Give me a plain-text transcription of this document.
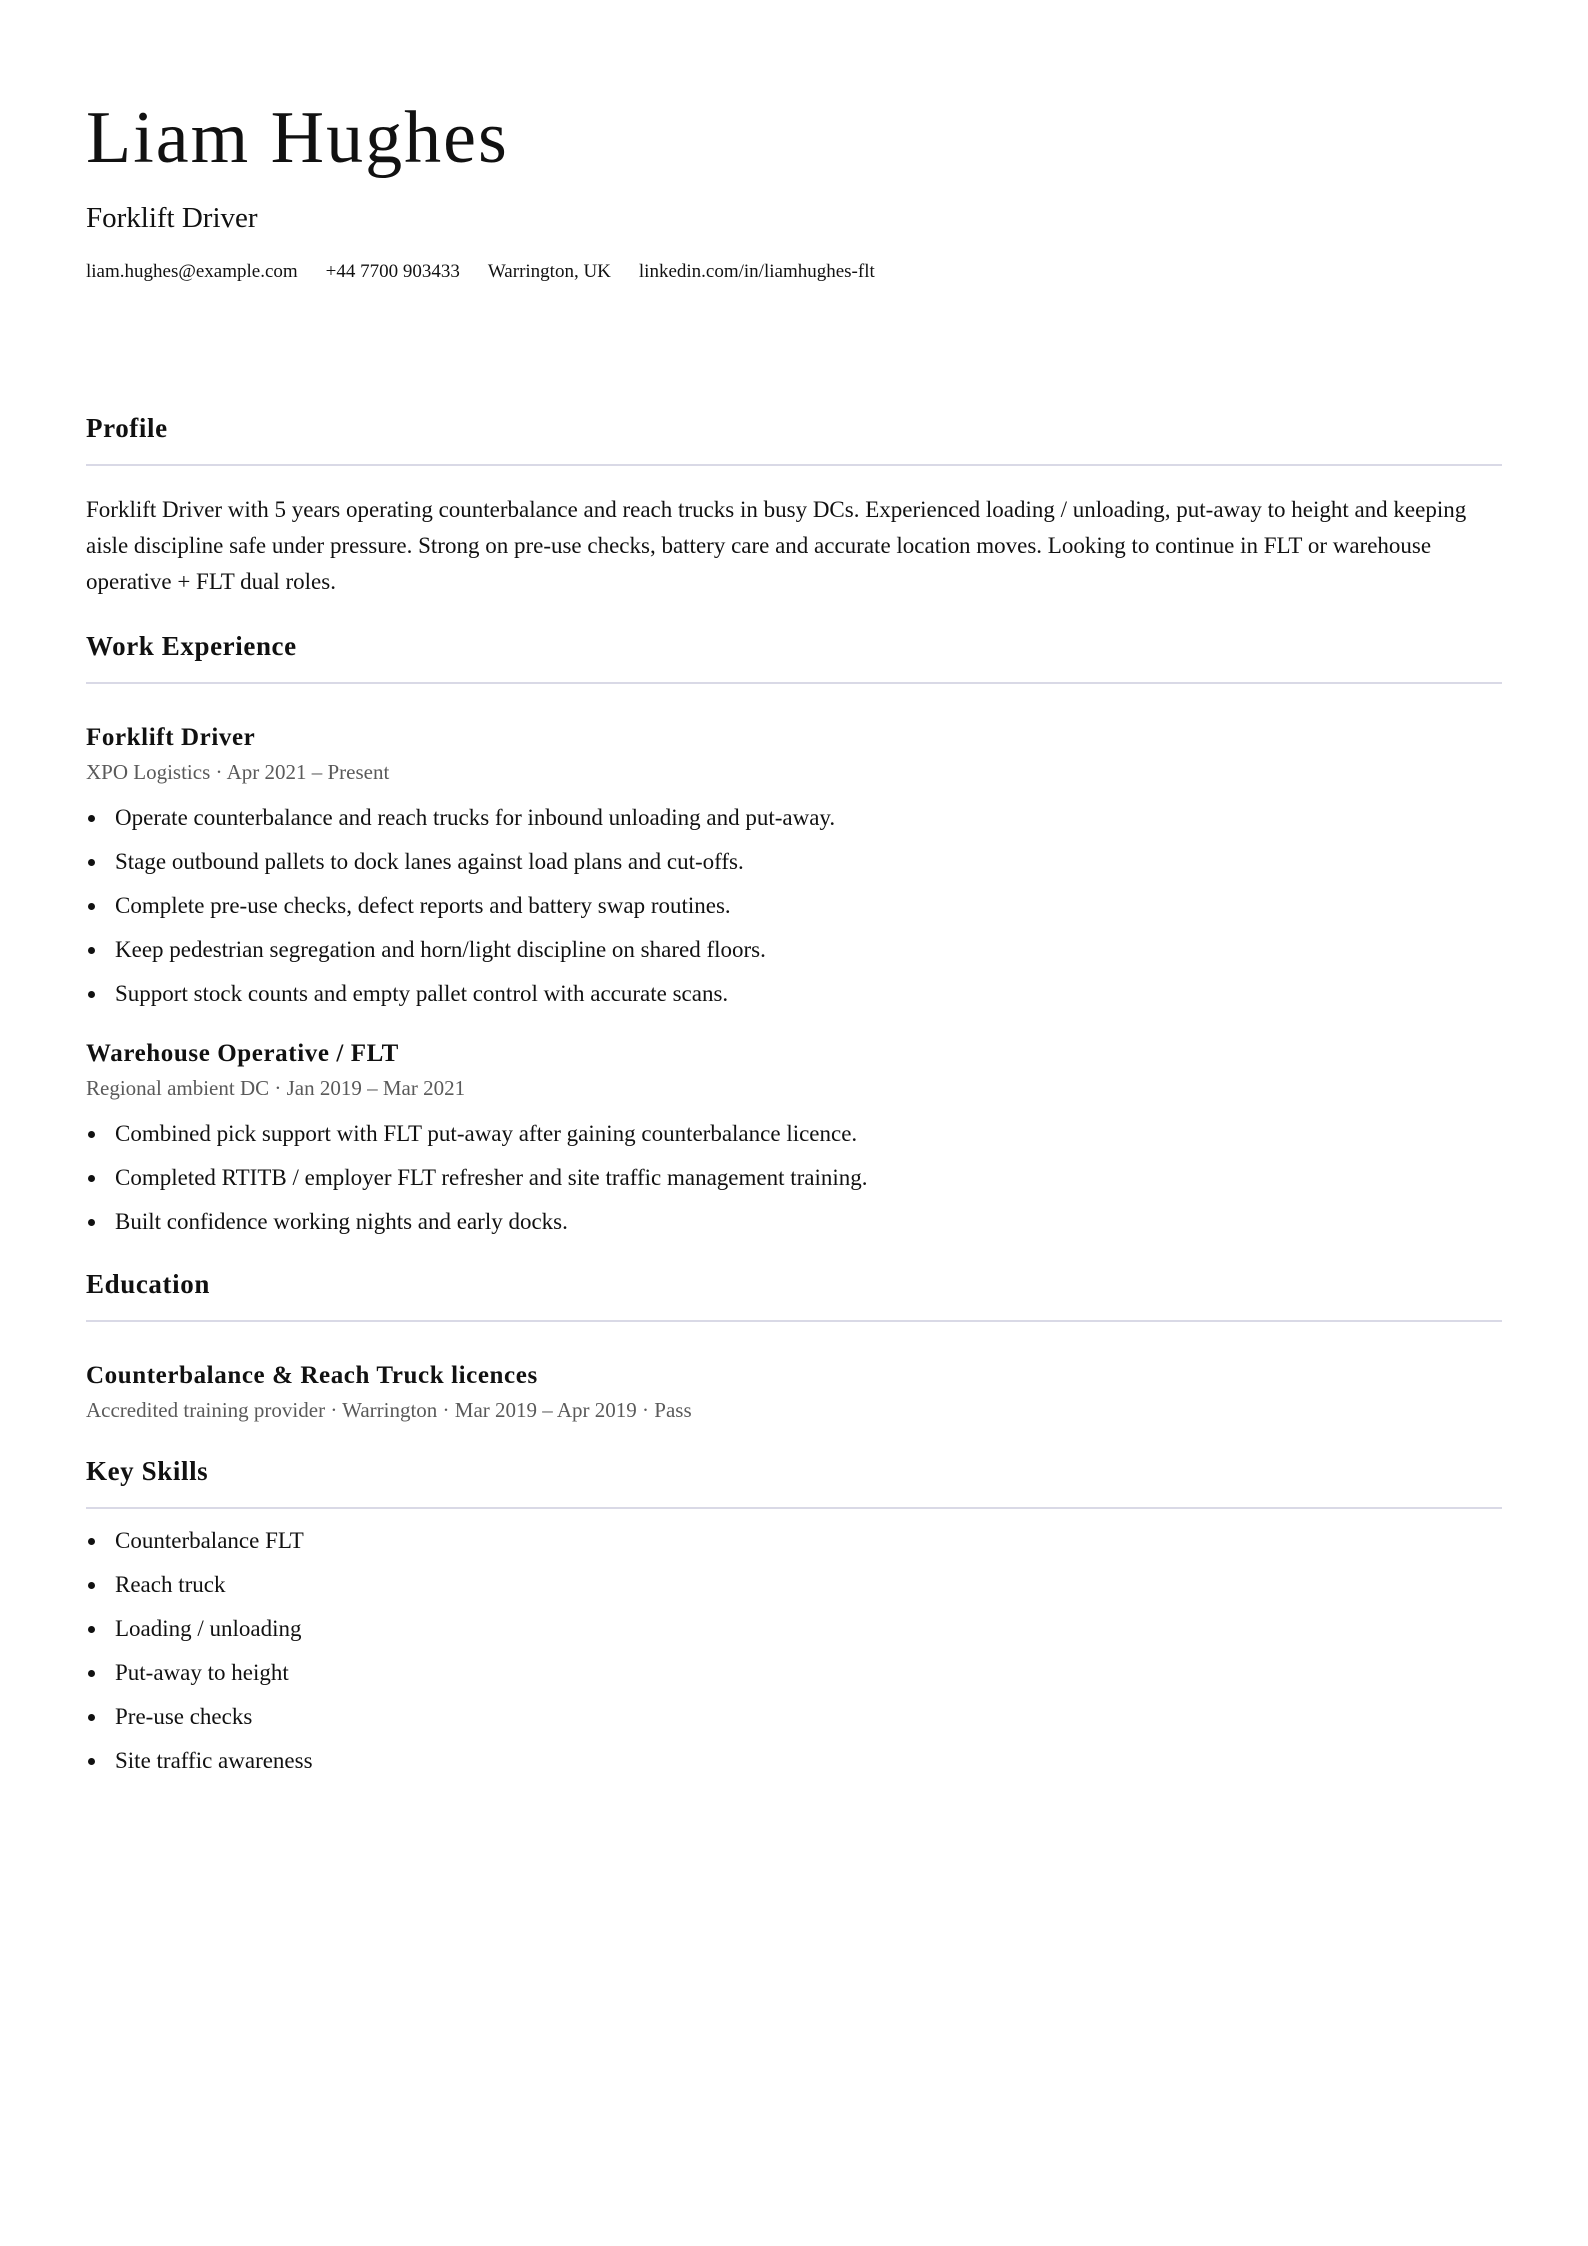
Liam Hughes
Forklift Driver
liam.hughes@example.com +44 7700 903433 Warrington, UK linkedin.com/in/liamhughes-flt
Profile

Forklift Driver with 5 years operating counterbalance and reach trucks in busy DCs. Experienced loading / unloading, put-away to height and keeping aisle discipline safe under pressure. Strong on pre-use checks, battery care and accurate location moves. Looking to continue in FLT or warehouse operative + FLT dual roles.

Work Experience
Forklift Driver
XPO Logistics · Apr 2021 – Present
Operate counterbalance and reach trucks for inbound unloading and put-away.
Stage outbound pallets to dock lanes against load plans and cut-offs.
Complete pre-use checks, defect reports and battery swap routines.
Keep pedestrian segregation and horn/light discipline on shared floors.
Support stock counts and empty pallet control with accurate scans.
Warehouse Operative / FLT
Regional ambient DC · Jan 2019 – Mar 2021
Combined pick support with FLT put-away after gaining counterbalance licence.
Completed RTITB / employer FLT refresher and site traffic management training.
Built confidence working nights and early docks.
Education
Counterbalance & Reach Truck licences
Accredited training provider · Warrington · Mar 2019 – Apr 2019 · Pass
Key Skills
Counterbalance FLT
Reach truck
Loading / unloading
Put-away to height
Pre-use checks
Site traffic awareness
